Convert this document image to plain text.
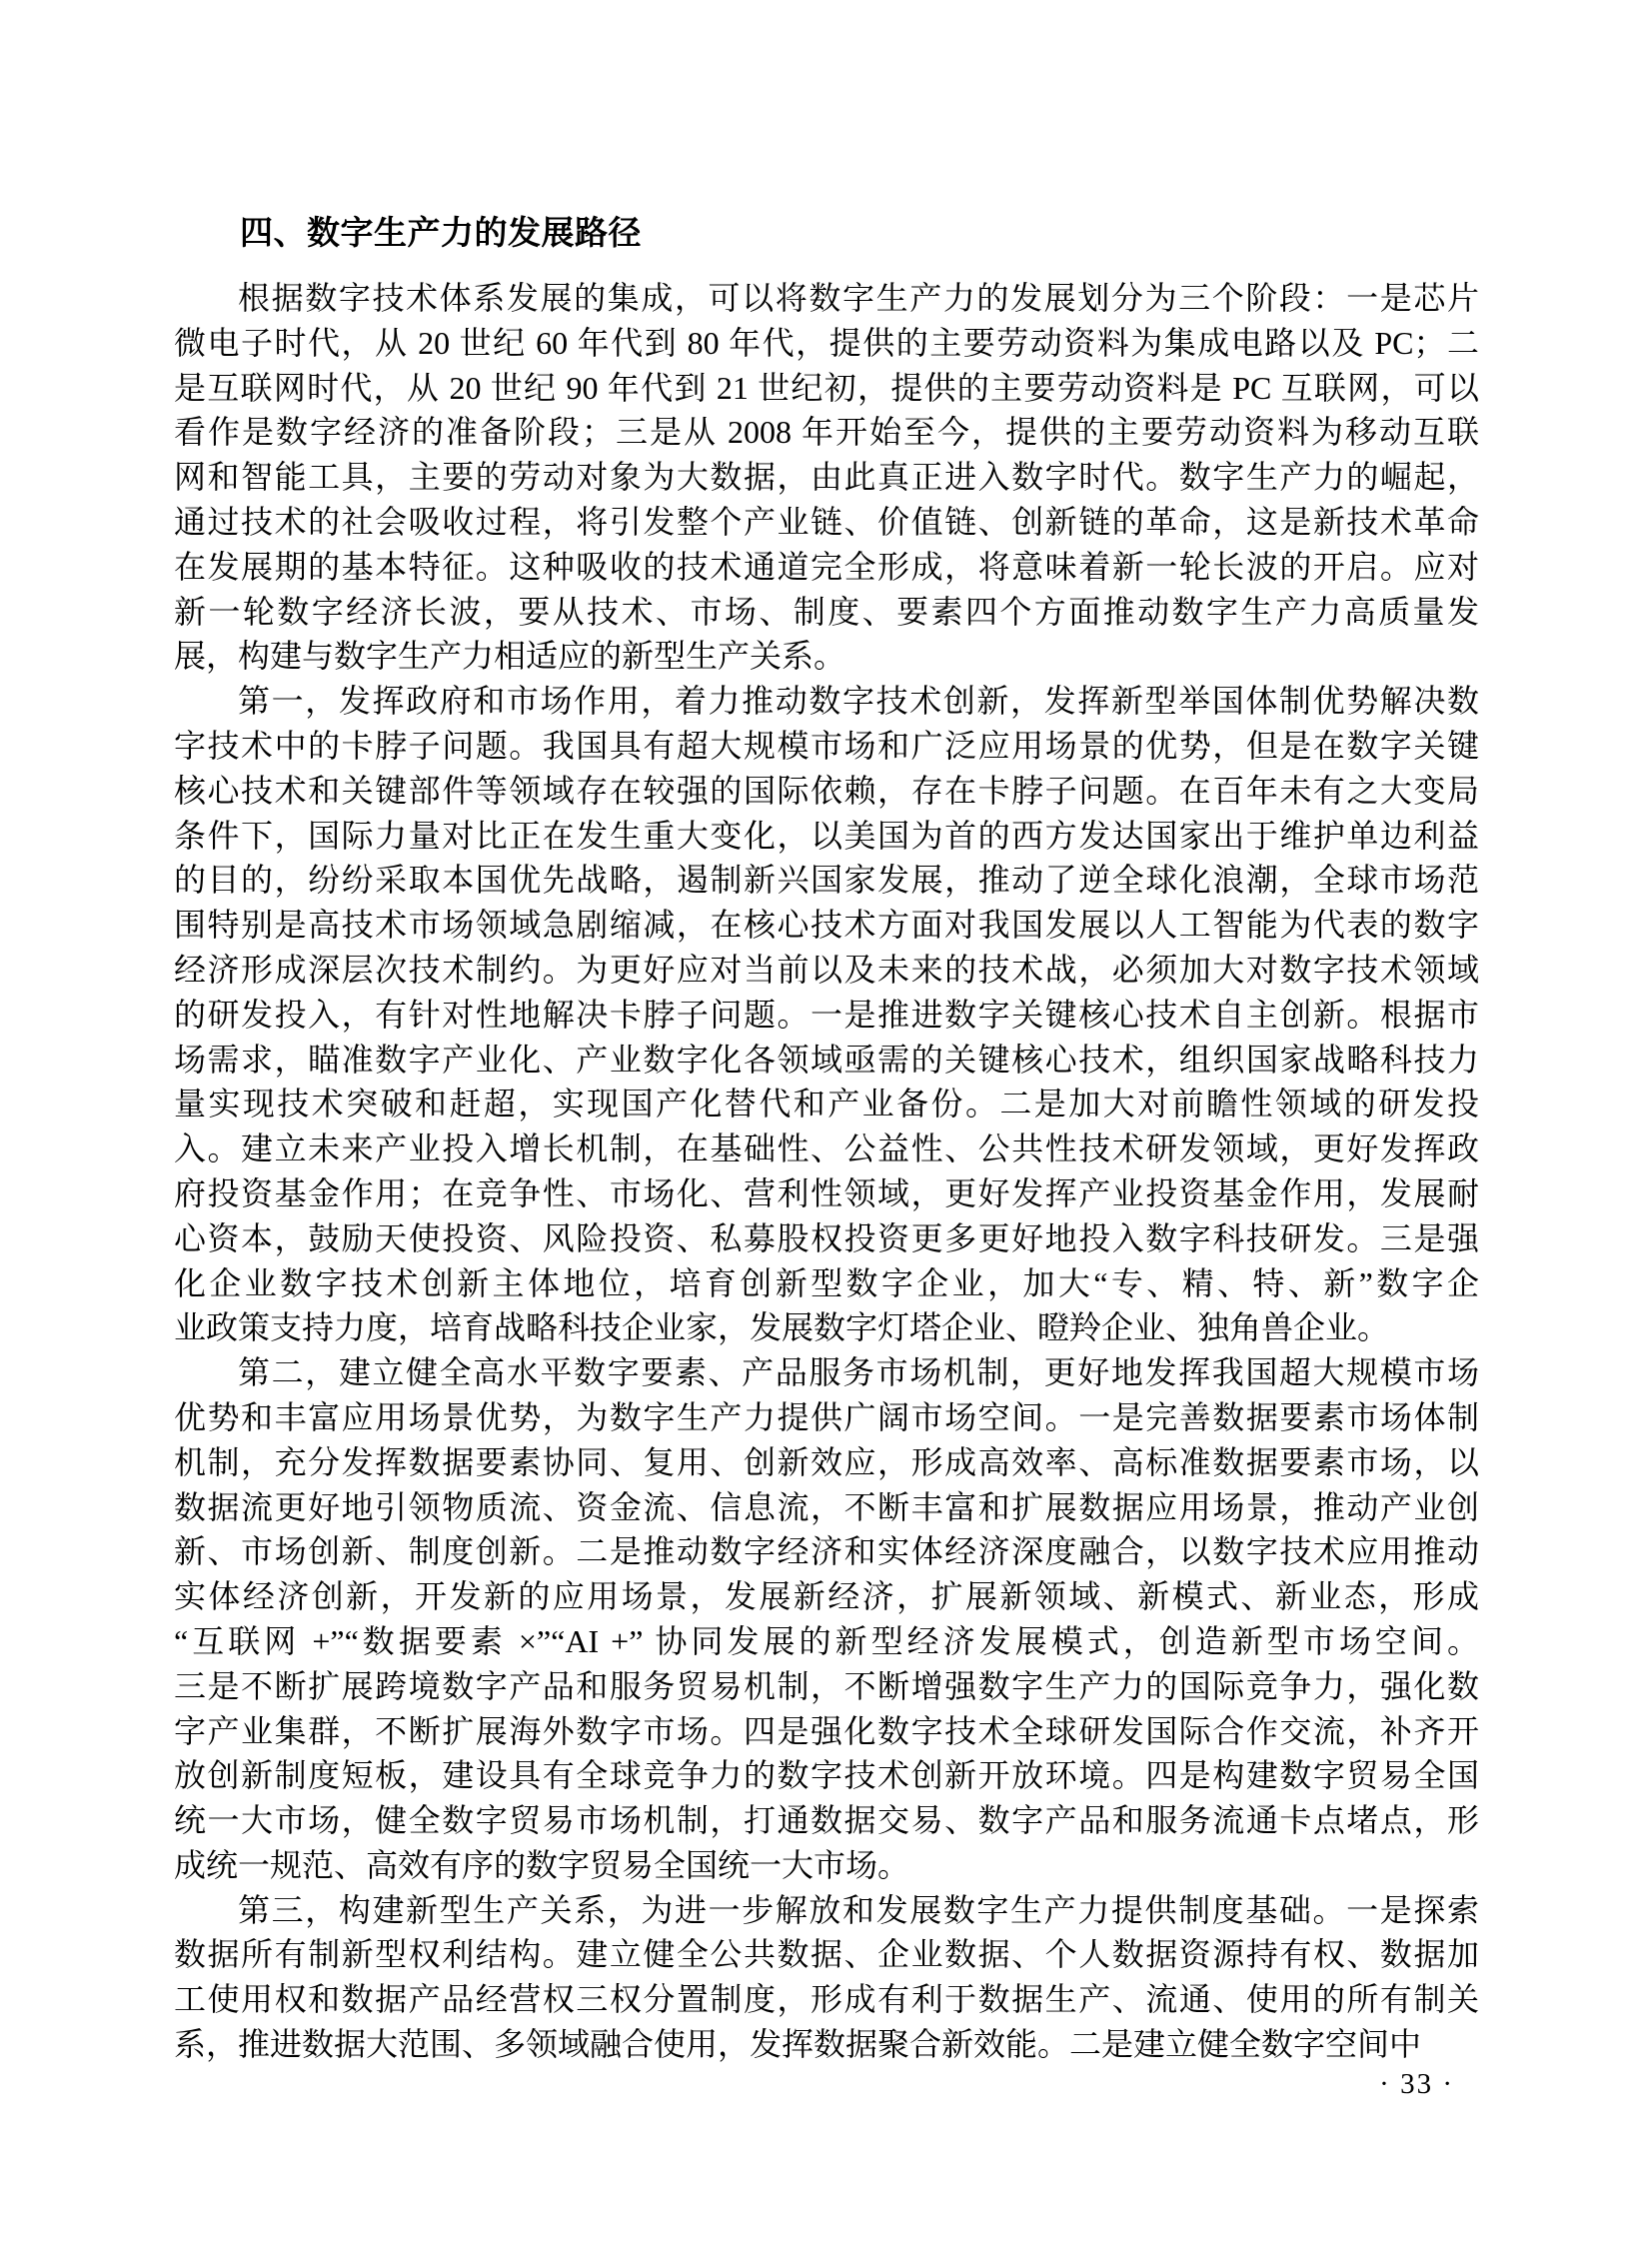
四、数字生产力的发展路径
根据数字技术体系发展的集成，可以将数字生产力的发展划分为三个阶段：一是芯片
微电子时代，从 20 世纪 60 年代到 80 年代，提供的主要劳动资料为集成电路以及 PC；二
是互联网时代，从 20 世纪 90 年代到 21 世纪初，提供的主要劳动资料是 PC 互联网，可以
看作是数字经济的准备阶段；三是从 2008 年开始至今，提供的主要劳动资料为移动互联
网和智能工具，主要的劳动对象为大数据，由此真正进入数字时代。数字生产力的崛起，
通过技术的社会吸收过程，将引发整个产业链、价值链、创新链的革命，这是新技术革命
在发展期的基本特征。这种吸收的技术通道完全形成，将意味着新一轮长波的开启。应对
新一轮数字经济长波，要从技术、市场、制度、要素四个方面推动数字生产力高质量发
展，构建与数字生产力相适应的新型生产关系。
第一，发挥政府和市场作用，着力推动数字技术创新，发挥新型举国体制优势解决数
字技术中的卡脖子问题。我国具有超大规模市场和广泛应用场景的优势，但是在数字关键
核心技术和关键部件等领域存在较强的国际依赖，存在卡脖子问题。在百年未有之大变局
条件下，国际力量对比正在发生重大变化，以美国为首的西方发达国家出于维护单边利益
的目的，纷纷采取本国优先战略，遏制新兴国家发展，推动了逆全球化浪潮，全球市场范
围特别是高技术市场领域急剧缩减，在核心技术方面对我国发展以人工智能为代表的数字
经济形成深层次技术制约。为更好应对当前以及未来的技术战，必须加大对数字技术领域
的研发投入，有针对性地解决卡脖子问题。一是推进数字关键核心技术自主创新。根据市
场需求，瞄准数字产业化、产业数字化各领域亟需的关键核心技术，组织国家战略科技力
量实现技术突破和赶超，实现国产化替代和产业备份。二是加大对前瞻性领域的研发投
入。建立未来产业投入增长机制，在基础性、公益性、公共性技术研发领域，更好发挥政
府投资基金作用；在竞争性、市场化、营利性领域，更好发挥产业投资基金作用，发展耐
心资本，鼓励天使投资、风险投资、私募股权投资更多更好地投入数字科技研发。三是强
化企业数字技术创新主体地位，培育创新型数字企业，加大“专、精、特、新”数字企
业政策支持力度，培育战略科技企业家，发展数字灯塔企业、瞪羚企业、独角兽企业。
第二，建立健全高水平数字要素、产品服务市场机制，更好地发挥我国超大规模市场
优势和丰富应用场景优势，为数字生产力提供广阔市场空间。一是完善数据要素市场体制
机制，充分发挥数据要素协同、复用、创新效应，形成高效率、高标准数据要素市场，以
数据流更好地引领物质流、资金流、信息流，不断丰富和扩展数据应用场景，推动产业创
新、市场创新、制度创新。二是推动数字经济和实体经济深度融合，以数字技术应用推动
实体经济创新，开发新的应用场景，发展新经济，扩展新领域、新模式、新业态，形成
“互联网 +”“数据要素 ×”“AI +” 协同发展的新型经济发展模式，创造新型市场空间。
三是不断扩展跨境数字产品和服务贸易机制，不断增强数字生产力的国际竞争力，强化数
字产业集群，不断扩展海外数字市场。四是强化数字技术全球研发国际合作交流，补齐开
放创新制度短板，建设具有全球竞争力的数字技术创新开放环境。四是构建数字贸易全国
统一大市场，健全数字贸易市场机制，打通数据交易、数字产品和服务流通卡点堵点，形
成统一规范、高效有序的数字贸易全国统一大市场。
第三，构建新型生产关系，为进一步解放和发展数字生产力提供制度基础。一是探索
数据所有制新型权利结构。建立健全公共数据、企业数据、个人数据资源持有权、数据加
工使用权和数据产品经营权三权分置制度，形成有利于数据生产、流通、使用的所有制关
系，推进数据大范围、多领域融合使用，发挥数据聚合新效能。二是建立健全数字空间中
· 33 ·
